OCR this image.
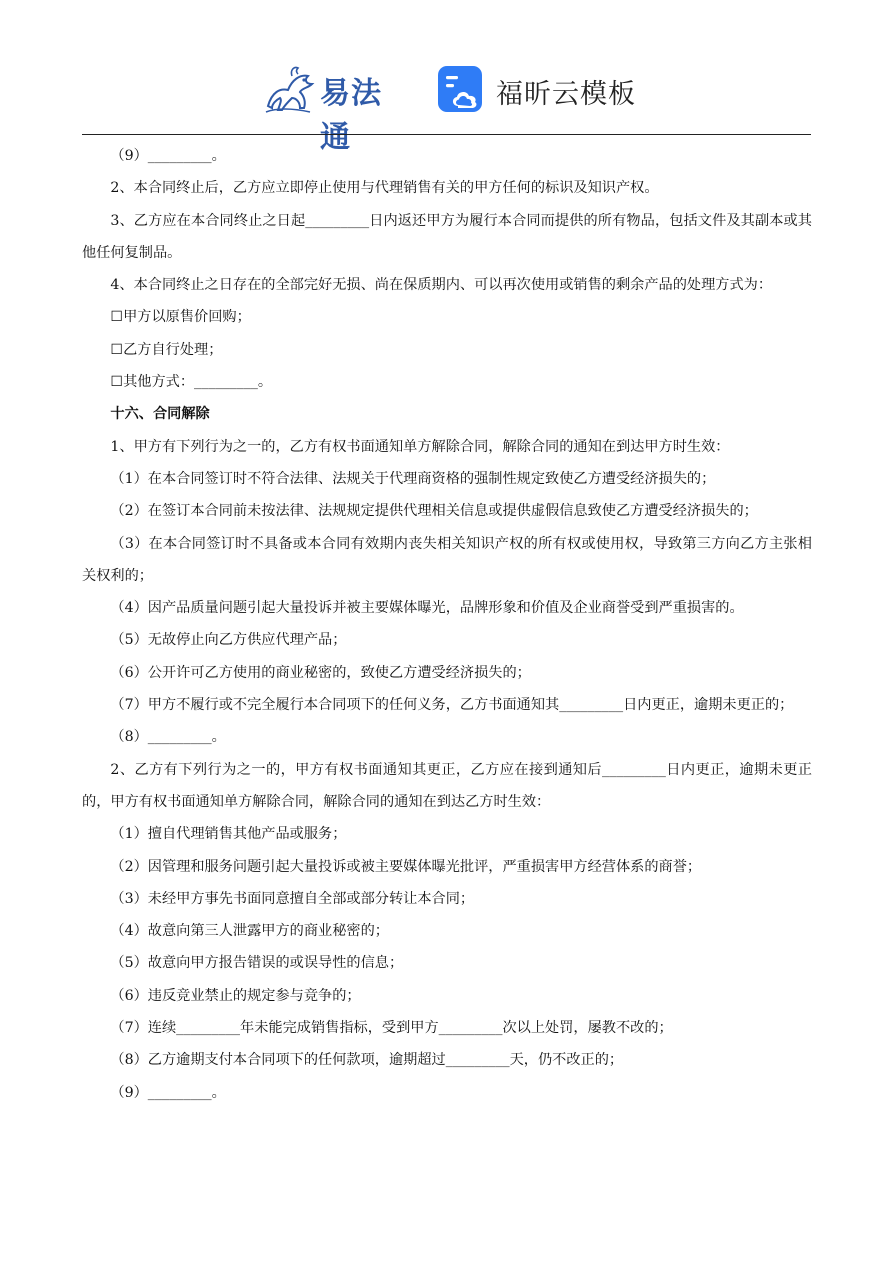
易法通
福昕云模板

（9）_________。

2、本合同终止后，乙方应立即停止使用与代理销售有关的甲方任何的标识及知识产权。

3、乙方应在本合同终止之日起_________日内返还甲方为履行本合同而提供的所有物品，包括文件及其副本或其他任何复制品。

4、本合同终止之日存在的全部完好无损、尚在保质期内、可以再次使用或销售的剩余产品的处理方式为：

☐甲方以原售价回购；

☐乙方自行处理；

☐其他方式：_________。

十六、合同解除

1、甲方有下列行为之一的，乙方有权书面通知单方解除合同，解除合同的通知在到达甲方时生效：

（1）在本合同签订时不符合法律、法规关于代理商资格的强制性规定致使乙方遭受经济损失的；

（2）在签订本合同前未按法律、法规规定提供代理相关信息或提供虚假信息致使乙方遭受经济损失的；

（3）在本合同签订时不具备或本合同有效期内丧失相关知识产权的所有权或使用权，导致第三方向乙方主张相关权利的；

（4）因产品质量问题引起大量投诉并被主要媒体曝光，品牌形象和价值及企业商誉受到严重损害的。

（5）无故停止向乙方供应代理产品；

（6）公开许可乙方使用的商业秘密的，致使乙方遭受经济损失的；

（7）甲方不履行或不完全履行本合同项下的任何义务，乙方书面通知其_________日内更正，逾期未更正的；

（8）_________。

2、乙方有下列行为之一的，甲方有权书面通知其更正，乙方应在接到通知后_________日内更正，逾期未更正的，甲方有权书面通知单方解除合同，解除合同的通知在到达乙方时生效：

（1）擅自代理销售其他产品或服务；

（2）因管理和服务问题引起大量投诉或被主要媒体曝光批评，严重损害甲方经营体系的商誉；

（3）未经甲方事先书面同意擅自全部或部分转让本合同；

（4）故意向第三人泄露甲方的商业秘密的；

（5）故意向甲方报告错误的或误导性的信息；

（6）违反竞业禁止的规定参与竞争的；

（7）连续_________年未能完成销售指标，受到甲方_________次以上处罚，屡教不改的；

（8）乙方逾期支付本合同项下的任何款项，逾期超过_________天，仍不改正的；

（9）_________。
